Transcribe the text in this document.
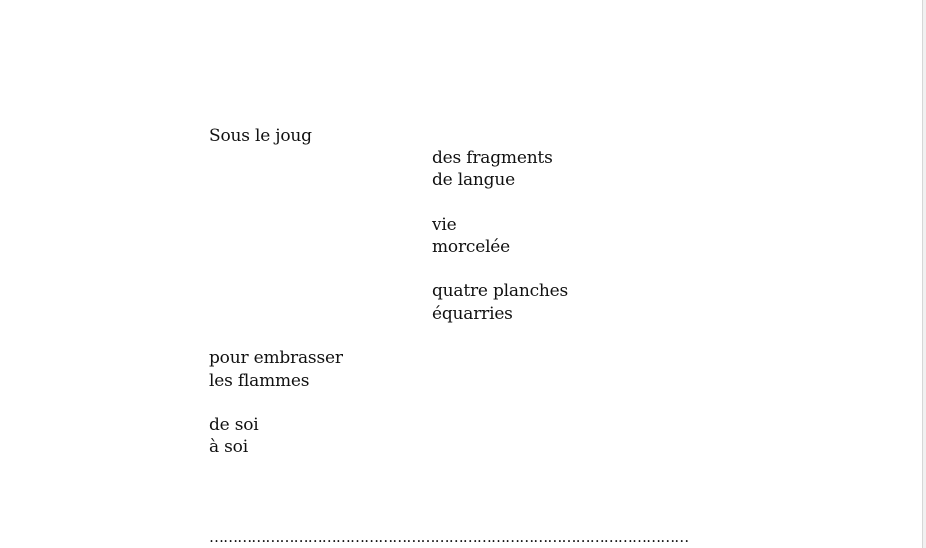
Sous le joug
des fragments
de langue
vie
morcelée
quatre planches
équarries
pour embrasser
les flammes
de soi
à soi
…………………………………………………………………………………………
